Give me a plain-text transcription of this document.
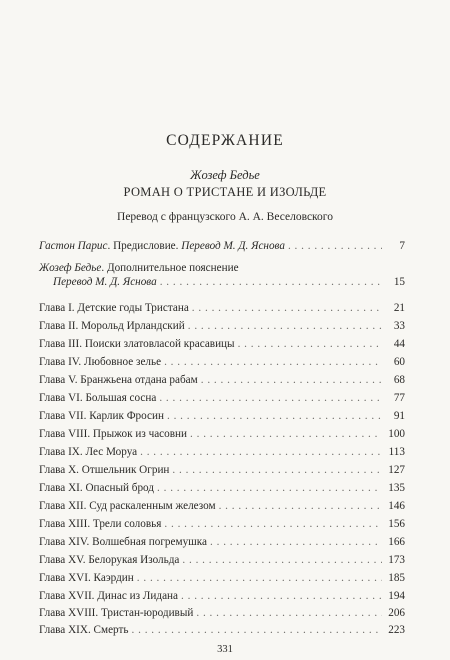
СОДЕРЖАНИЕ
Жозеф Бедье
РОМАН О ТРИСТАНЕ И ИЗОЛЬДЕ
Перевод с французского А. А. Веселовского
Гастон Парис. Предисловие. Перевод М. Д. Яснова . . .	7
Жозеф Бедье. Дополнительное пояснение
Перевод М. Д. Яснова . . .	15
Глава I. Детские годы Тристана . . .	21
Глава II. Морольд Ирландский . . .	33
Глава III. Поиски златовласой красавицы . . .	44
Глава IV. Любовное зелье . . .	60
Глава V. Бранжьена отдана рабам . . .	68
Глава VI. Большая сосна . . .	77
Глава VII. Карлик Фросин . . .	91
Глава VIII. Прыжок из часовни . . .	100
Глава IX. Лес Моруа . . .	113
Глава X. Отшельник Огрин . . .	127
Глава XI. Опасный брод . . .	135
Глава XII. Суд раскаленным железом . . .	146
Глава XIII. Трели соловья . . .	156
Глава XIV. Волшебная погремушка . . .	166
Глава XV. Белорукая Изольда . . .	173
Глава XVI. Каэрдин . . .	185
Глава XVII. Динас из Лидана . . .	194
Глава XVIII. Тристан-юродивый . . .	206
Глава XIX. Смерть . . .	223
331
